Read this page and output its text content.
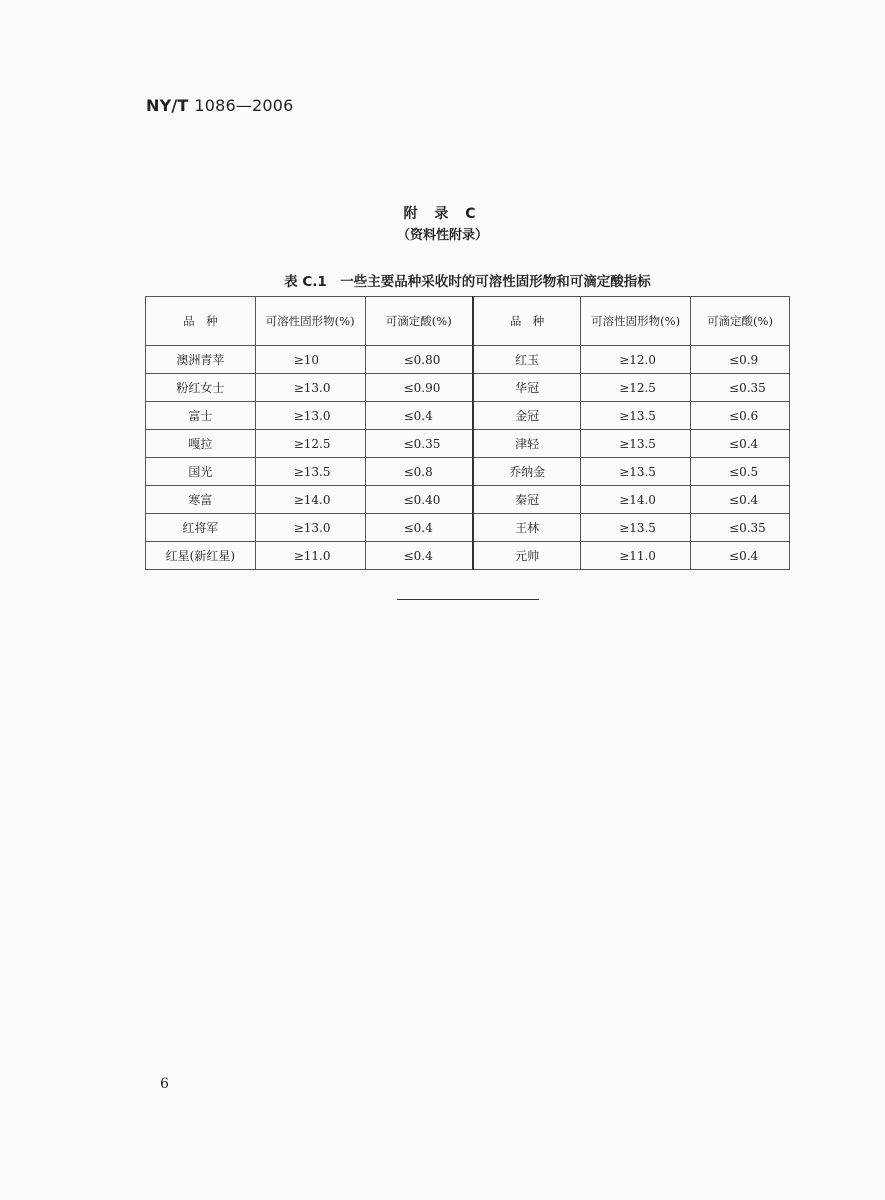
NY/T 1086—2006
附 录 C
（资料性附录）
表 C.1　一些主要品种采收时的可溶性固形物和可滴定酸指标
品　种	可溶性固形物(%)	可滴定酸(%)	品　种	可溶性固形物(%)	可滴定酸(%)
澳洲青苹	≥10	≤0.80	红玉	≥12.0	≤0.9
粉红女士	≥13.0	≤0.90	华冠	≥12.5	≤0.35
富士	≥13.0	≤0.4	金冠	≥13.5	≤0.6
嘎拉	≥12.5	≤0.35	津轻	≥13.5	≤0.4
国光	≥13.5	≤0.8	乔纳金	≥13.5	≤0.5
寒富	≥14.0	≤0.40	秦冠	≥14.0	≤0.4
红将军	≥13.0	≤0.4	王林	≥13.5	≤0.35
红星(新红星)	≥11.0	≤0.4	元帅	≥11.0	≤0.4
6
